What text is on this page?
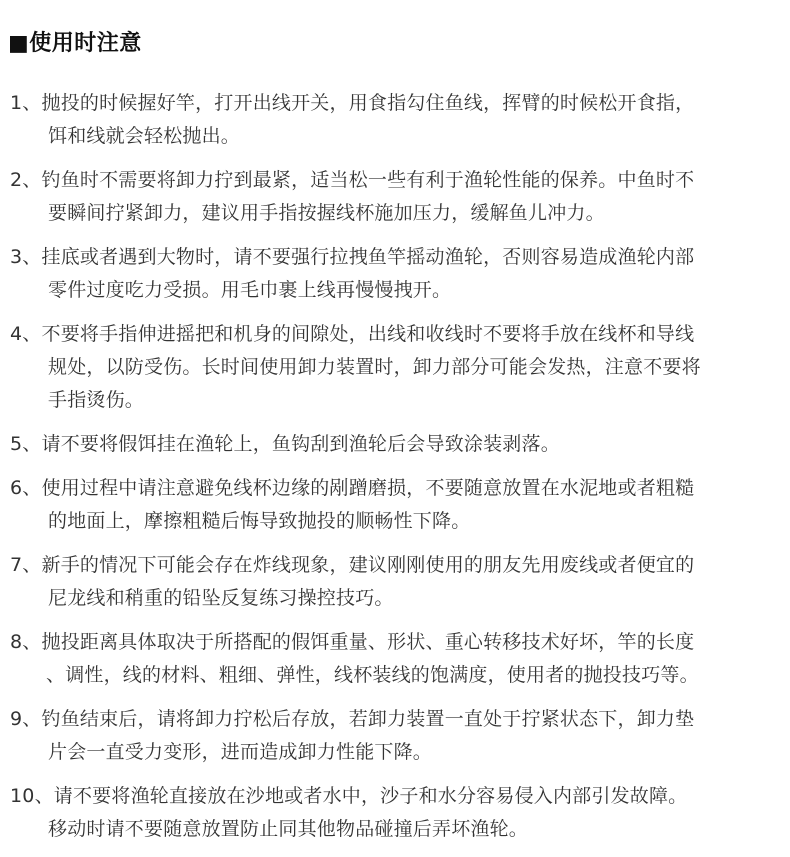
■使用时注意
1、抛投的时候握好竿，打开出线开关，用食指勾住鱼线，挥臂的时候松开食指，
饵和线就会轻松抛出。
2、钓鱼时不需要将卸力拧到最紧，适当松一些有利于渔轮性能的保养。中鱼时不
要瞬间拧紧卸力，建议用手指按握线杯施加压力，缓解鱼儿冲力。
3、挂底或者遇到大物时，请不要强行拉拽鱼竿摇动渔轮，否则容易造成渔轮内部
零件过度吃力受损。用毛巾裹上线再慢慢拽开。
4、不要将手指伸进摇把和机身的间隙处，出线和收线时不要将手放在线杯和导线
规处，以防受伤。长时间使用卸力装置时，卸力部分可能会发热，注意不要将
手指烫伤。
5、请不要将假饵挂在渔轮上，鱼钩刮到渔轮后会导致涂装剥落。
6、使用过程中请注意避免线杯边缘的剐蹭磨损，不要随意放置在水泥地或者粗糙
的地面上，摩擦粗糙后悔导致抛投的顺畅性下降。
7、新手的情况下可能会存在炸线现象，建议刚刚使用的朋友先用废线或者便宜的
尼龙线和稍重的铅坠反复练习操控技巧。
8、抛投距离具体取决于所搭配的假饵重量、形状、重心转移技术好坏，竿的长度
、调性，线的材料、粗细、弹性，线杯装线的饱满度，使用者的抛投技巧等。
9、钓鱼结束后，请将卸力拧松后存放，若卸力装置一直处于拧紧状态下，卸力垫
片会一直受力变形，进而造成卸力性能下降。
10、请不要将渔轮直接放在沙地或者水中，沙子和水分容易侵入内部引发故障。
移动时请不要随意放置防止同其他物品碰撞后弄坏渔轮。
